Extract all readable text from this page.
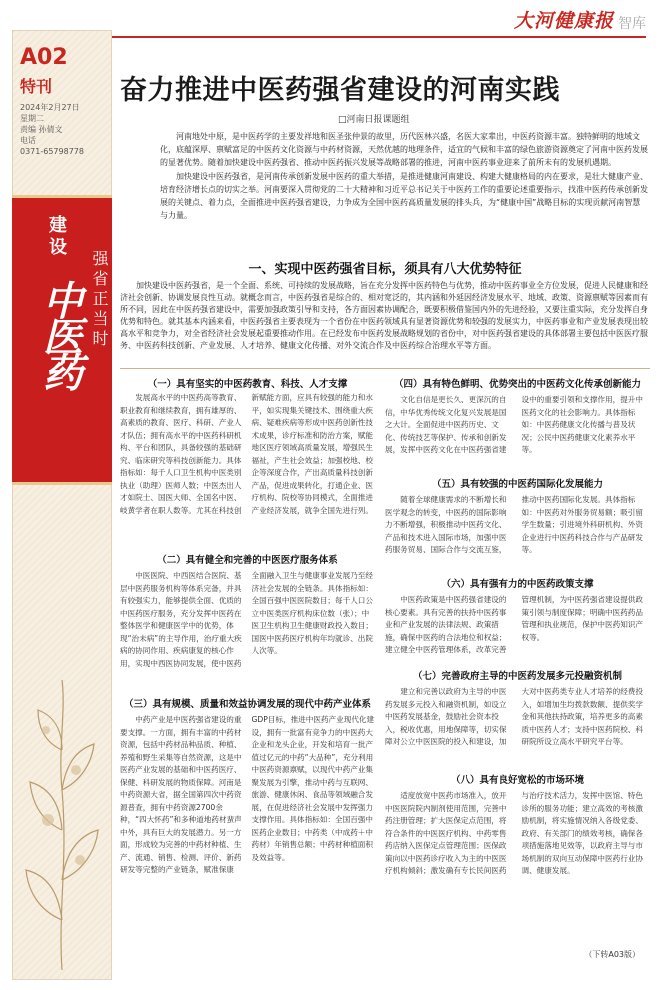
大河健康报 智库
A02
特刊
2024年2月27日
星期二
责编 孙倩文
电话
0371-65798778
建设
中医药 强省正当时
奋力推进中医药强省建设的河南实践
□河南日报课题组

河南地处中原，是中医药学的主要发祥地和医圣张仲景的故里，历代医林兴盛，名医大家辈出，中医药资源丰富。独特鲜明的地域文化，底蕴深厚、禀赋富足的中医药文化资源与中药材资源，天然优越的地理条件，适宜的气候和丰富的绿色旅游资源奠定了河南中医药发展的显著优势。随着加快建设中医药强省、推动中医药振兴发展等战略部署的推进，河南中医药事业迎来了前所未有的发展机遇期。

加快建设中医药强省，是河南传承创新发展中医药的重大举措，是推进健康河南建设、构建大健康格局的内在要求，是壮大健康产业、培育经济增长点的切实之举。河南要深入贯彻党的二十大精神和习近平总书记关于中医药工作的重要论述重要指示，找准中医药传承创新发展的关键点、着力点，全面推进中医药强省建设，力争成为全国中医药高质量发展的排头兵，为“健康中国”战略目标的实现贡献河南智慧与力量。

一、实现中医药强省目标，须具有八大优势特征
加快建设中医药强省，是一个全面、系统、可持续的发展战略，旨在充分发挥中医药特色与优势，推动中医药事业全方位发展，促进人民健康和经济社会创新、协调发展良性互动。就概念而言，中医药强省是综合的、相对宽泛的，其内涵和外延因经济发展水平、地域、政策、资源禀赋等因素而有所不同，因此在中医药强省建设中，需要加强政策引导和支持，各方面因素协调配合，既要积极借鉴国内外的先进经验，又要注重实际，充分发挥自身优势和特色。就其基本内涵来看，中医药强省主要表现为一个省份在中医药领域具有显著资源优势和较强的发展实力，中医药事业和产业发展表现出较高水平和竞争力，对全省经济社会发展起重要推动作用。在已经发布中医药发展战略规划的省份中，对中医药强省建设的具体部署主要包括中医医疗服务、中医药科技创新、产业发展、人才培养、健康文化传播、对外交流合作及中医药综合治理水平等方面。
（一）具有坚实的中医药教育、科技、人才支撑
发展高水平的中医药高等教育、职业教育和继续教育，拥有雄厚的、高素质的教育、医疗、科研、产业人才队伍；拥有高水平的中医药科研机构、平台和团队，具备较强的基础研究、临床研究等科技创新能力。具体指标如：每千人口卫生机构中医类别执业（助理）医师人数；中医杰出人才如院士、国医大师、全国名中医、岐黄学者在职人数等。尤其在科技创新赋能方面，应具有较强的能力和水平，如实现集关键技术、围绕重大疾病、疑难疾病等形成中医药创新性技术成果，诊疗标准和防治方案，赋能地区医疗领域高质量发展，增强民生福祉，产生社会效益；加强校地、校企等深度合作，产出高质量科技创新产品，促进成果转化，打通企业、医疗机构、院校等协同模式，全面推进产业经济发展，就争全国先进行列。
（二）具有健全和完善的中医医疗服务体系
中医医院、中西医结合医院、基层中医药服务机构等体系完备，并具有较强实力，能够提供全面、优质的中医药医疗服务，充分发挥中医药在整体医学和健康医学中的优势，体现“治未病”的主导作用，治疗重大疾病的协同作用、疾病康复的核心作用，实现中西医协同发展，使中医药全面融入卫生与健康事业发展乃至经济社会发展的全链条。具体指标如：全国百强中医医院数目；每千人口公立中医类医疗机构床位数（张）；中医卫生机构卫生健康财政投入数目；国医中医药医疗机构年均就诊、出院人次等。
（三）具有规模、质量和效益协调发展的现代中药产业体系
中药产业是中医药强省建设的重要支撑。一方面，拥有丰富的中药材资源，包括中药材品种品质、种植、养殖和野生采集等自然资源，这是中医药产业发展的基础和中医药医疗、保健、科研发展的物质保障。河南是中药资源大省，据全国第四次中药资源普查，拥有中药资源2700余种，“四大怀药”和多种道地药材蜚声中外，具有巨大的发展潜力。另一方面，形成较为完善的中药材种植、生产、流通、销售、检测、评价、新药研发等完整的产业链条，赋准保康GDP目标，推进中医药产业现代化建设，拥有一批富有竞争力的中医药大企业和龙头企业，开发和培育一批产值过亿元的中药“大品种”，充分利用中医药资源禀赋，以现代中药产业集聚发展为引擎，推动中药与互联网、旅游、健康休闲、食品等领域融合发展，在促进经济社会发展中发挥强力支撑作用。具体指标如：全国百强中医药企业数目；中药类（中成药＋中药材）年销售总额；中药材种植面积及效益等。
（四）具有特色鲜明、优势突出的中医药文化传承创新能力
文化自信是更长久、更深沉的自信，中华优秀传统文化复兴发展是国之大计。全面促进中医药历史、文化、传统技艺等保护、传承和创新发展，发挥中医药文化在中医药强省建设中的重要引领和支撑作用，提升中医药文化的社会影响力。具体指标如：中医药健康文化传播与普及状况；公民中医药健康文化素养水平等。
（五）具有较强的中医药国际化发展能力
随着全球健康需求的不断增长和医学观念的转变，中医药的国际影响力不断增强，积极推动中医药文化、产品和技术进入国际市场，加强中医药服务贸易、国际合作与交流互鉴，推动中医药国际化发展。具体指标如：中医药对外服务贸易额；吸引留学生数量；引进境外科研机构、外资企业进行中医药科技合作与产品研发等。
（六）具有强有力的中医药政策支撑
中医药政策是中医药强省建设的核心要素。具有完善的扶持中医药事业和产业发展的法律法规、政策措施，确保中医药的合法地位和权益；建立健全中医药管理体系，改革完善管理机制，为中医药强省建设提供政策引领与制度保障；明确中医药药品管理和执业规范，保护中医药知识产权等。
（七）完善政府主导的中医药发展多元投融资机制
建立和完善以政府为主导的中医药发展多元投入和融资机制，如设立中医药发展基金，鼓励社会资本投入，税收优惠，用地保障等，切实保障对公立中医医院的投入和建设，加大对中医药类专业人才培养的经费投入，如增加生均拨款数额、提供奖学金和其他扶持政策，培养更多的高素质中医药人才；支持中医药院校、科研院所设立高水平研究平台等。
（八）具有良好宽松的市场环境
适度放宽中医药市场准入，放开中医医院院内制剂使用范围，完善中药注册管理；扩大医保定点范围，将符合条件的中医医疗机构、中药零售药店纳入医保定点管理范围；医保政策向以中医药诊疗收入为主的中医医疗机构倾斜；激发确有专长民间医药与治疗技术活力，发挥中医馆、特色诊所的服务功能；建立高效的考核激励机制，将实施情况纳入各级党委、政府、有关部门的绩效考核，确保各项措施落地见效等，以政府主导与市场机制的双向互动保障中医药行业协调、健康发展。
（下转A03版）
